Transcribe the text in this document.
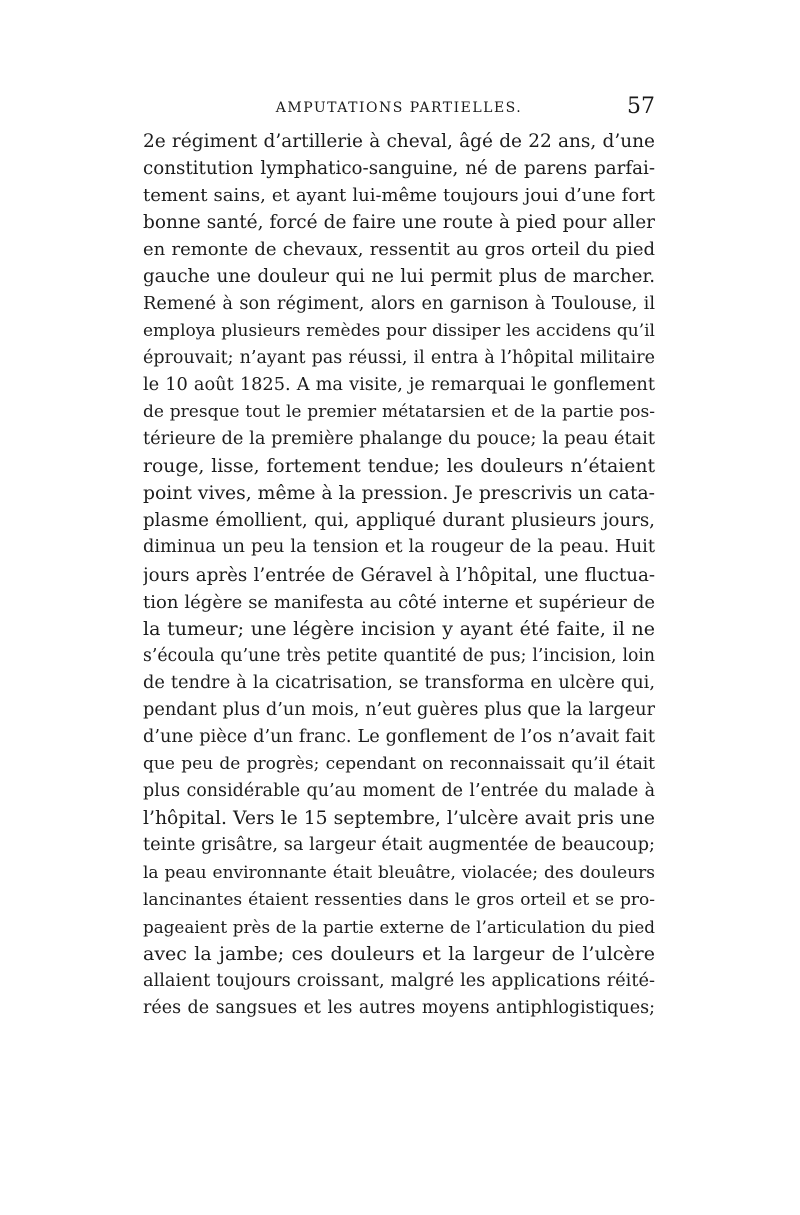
AMPUTATIONS PARTIELLES.	57
2e régiment d’artillerie à cheval, âgé de 22 ans, d’une
constitution lymphatico-sanguine, né de parens parfai-
tement sains, et ayant lui-même toujours joui d’une fort
bonne santé, forcé de faire une route à pied pour aller
en remonte de chevaux, ressentit au gros orteil du pied
gauche une douleur qui ne lui permit plus de marcher.
Remené à son régiment, alors en garnison à Toulouse, il
employa plusieurs remèdes pour dissiper les accidens qu’il
éprouvait; n’ayant pas réussi, il entra à l’hôpital militaire
le 10 août 1825. A ma visite, je remarquai le gonflement
de presque tout le premier métatarsien et de la partie pos-
térieure de la première phalange du pouce; la peau était
rouge, lisse, fortement tendue; les douleurs n’étaient
point vives, même à la pression. Je prescrivis un cata-
plasme émollient, qui, appliqué durant plusieurs jours,
diminua un peu la tension et la rougeur de la peau. Huit
jours après l’entrée de Géravel à l’hôpital, une fluctua-
tion légère se manifesta au côté interne et supérieur de
la tumeur; une légère incision y ayant été faite, il ne
s’écoula qu’une très petite quantité de pus; l’incision, loin
de tendre à la cicatrisation, se transforma en ulcère qui,
pendant plus d’un mois, n’eut guères plus que la largeur
d’une pièce d’un franc. Le gonflement de l’os n’avait fait
que peu de progrès; cependant on reconnaissait qu’il était
plus considérable qu’au moment de l’entrée du malade à
l’hôpital. Vers le 15 septembre, l’ulcère avait pris une
teinte grisâtre, sa largeur était augmentée de beaucoup;
la peau environnante était bleuâtre, violacée; des douleurs
lancinantes étaient ressenties dans le gros orteil et se pro-
pageaient près de la partie externe de l’articulation du pied
avec la jambe; ces douleurs et la largeur de l’ulcère
allaient toujours croissant, malgré les applications réité-
rées de sangsues et les autres moyens antiphlogistiques;
